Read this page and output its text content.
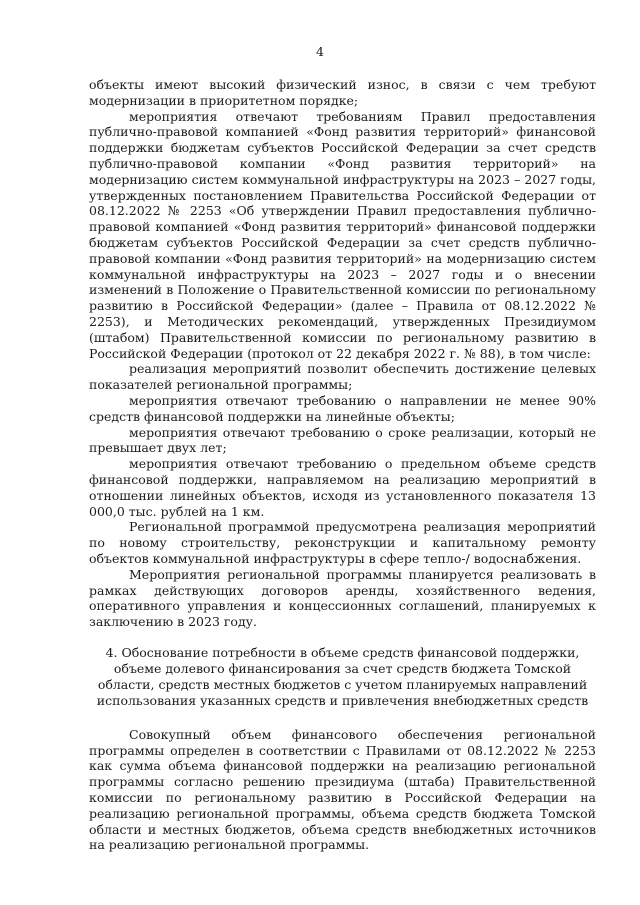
4

объекты имеют высокий физический износ, в связи с чем требуют модернизации в приоритетном порядке;

мероприятия отвечают требованиям Правил предоставления публично-правовой компанией «Фонд развития территорий» финансовой поддержки бюджетам субъектов Российской Федерации за счет средств публично-правовой компании «Фонд развития территорий» на модернизацию систем коммунальной инфраструктуры на 2023 – 2027 годы, утвержденных постановлением Правительства Российской Федерации от 08.12.2022 № 2253 «Об утверждении Правил предоставления публично-правовой компанией «Фонд развития территорий» финансовой поддержки бюджетам субъектов Российской Федерации за счет средств публично-правовой компании «Фонд развития территорий» на модернизацию систем коммунальной инфраструктуры на 2023 – 2027 годы и о внесении изменений в Положение о Правительственной комиссии по региональному развитию в Российской Федерации» (далее – Правила от 08.12.2022 № 2253), и Методических рекомендаций, утвержденных Президиумом (штабом) Правительственной комиссии по региональному развитию в Российской Федерации (протокол от 22 декабря 2022 г. № 88), в том числе:

реализация мероприятий позволит обеспечить достижение целевых показателей региональной программы;

мероприятия отвечают требованию о направлении не менее 90% средств финансовой поддержки на линейные объекты;

мероприятия отвечают требованию о сроке реализации, который не превышает двух лет;

мероприятия отвечают требованию о предельном объеме средств финансовой поддержки, направляемом на реализацию мероприятий в отношении линейных объектов, исходя из установленного показателя 13 000,0 тыс. рублей на 1 км.

Региональной программой предусмотрена реализация мероприятий по новому строительству, реконструкции и капитальному ремонту объектов коммунальной инфраструктуры в сфере тепло-/ водоснабжения.

Мероприятия региональной программы планируется реализовать в рамках действующих договоров аренды, хозяйственного ведения, оперативного управления и концессионных соглашений, планируемых к заключению в 2023 году.

4. Обоснование потребности в объеме средств финансовой поддержки,
объеме долевого финансирования за счет средств бюджета Томской
области, средств местных бюджетов с учетом планируемых направлений
использования указанных средств и привлечения внебюджетных средств

Совокупный объем финансового обеспечения региональной программы определен в соответствии с Правилами от 08.12.2022 № 2253 как сумма объема финансовой поддержки на реализацию региональной программы согласно решению президиума (штаба) Правительственной комиссии по региональному развитию в Российской Федерации на реализацию региональной программы, объема средств бюджета Томской области и местных бюджетов, объема средств внебюджетных источников на реализацию региональной программы.
